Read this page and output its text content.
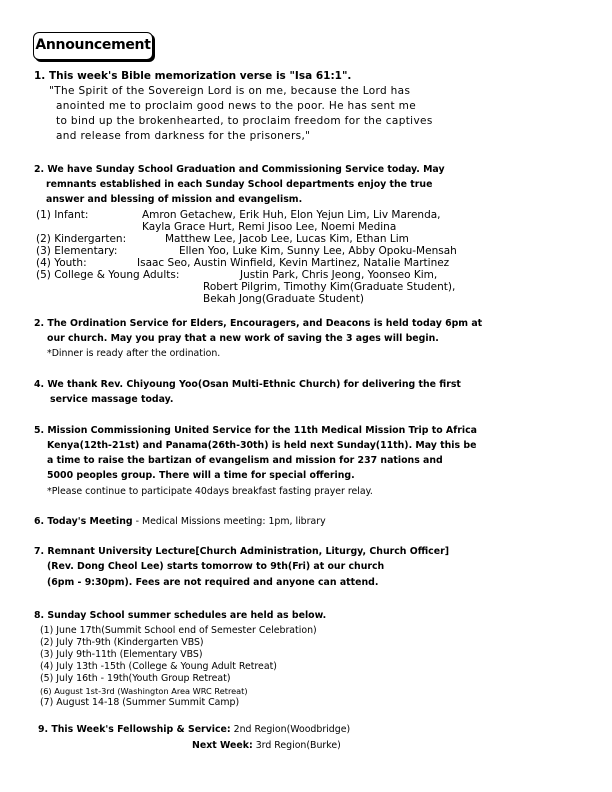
Announcement
1. This week's Bible memorization verse is "Isa 61:1".
"The Spirit of the Sovereign Lord is on me, because the Lord has
anointed me to proclaim good news to the poor. He has sent me
to bind up the brokenhearted, to proclaim freedom for the captives
and release from darkness for the prisoners,"
2. We have Sunday School Graduation and Commissioning Service today. May
remnants established in each Sunday School departments enjoy the true
answer and blessing of mission and evangelism.
(1) Infant:	Amron Getachew, Erik Huh, Elon Yejun Lim, Liv Marenda,
Kayla Grace Hurt, Remi Jisoo Lee, Noemi Medina
(2) Kindergarten:	Matthew Lee, Jacob Lee, Lucas Kim, Ethan Lim
(3) Elementary:	Ellen Yoo, Luke Kim, Sunny Lee, Abby Opoku-Mensah
(4) Youth:	Isaac Seo, Austin Winfield, Kevin Martinez, Natalie Martinez
(5) College & Young Adults:	Justin Park, Chris Jeong, Yoonseo Kim,
Robert Pilgrim, Timothy Kim(Graduate Student),
Bekah Jong(Graduate Student)
2. The Ordination Service for Elders, Encouragers, and Deacons is held today 6pm at
our church. May you pray that a new work of saving the 3 ages will begin.
*Dinner is ready after the ordination.
4. We thank Rev. Chiyoung Yoo(Osan Multi-Ethnic Church) for delivering the first
service massage today.
5. Mission Commissioning United Service for the 11th Medical Mission Trip to Africa
Kenya(12th-21st) and Panama(26th-30th) is held next Sunday(11th). May this be
a time to raise the bartizan of evangelism and mission for 237 nations and
5000 peoples group. There will a time for special offering.
*Please continue to participate 40days breakfast fasting prayer relay.
6. Today's Meeting - Medical Missions meeting: 1pm, library
7. Remnant University Lecture[Church Administration, Liturgy, Church Officer]
(Rev. Dong Cheol Lee) starts tomorrow to 9th(Fri) at our church
(6pm - 9:30pm). Fees are not required and anyone can attend.
8. Sunday School summer schedules are held as below.
(1) June 17th(Summit School end of Semester Celebration)
(2) July 7th-9th (Kindergarten VBS)
(3) July 9th-11th (Elementary VBS)
(4) July 13th -15th (College & Young Adult Retreat)
(5) July 16th - 19th(Youth Group Retreat)
(6) August 1st-3rd (Washington Area WRC Retreat)
(7) August 14-18 (Summer Summit Camp)
9. This Week's Fellowship & Service: 2nd Region(Woodbridge)
Next Week: 3rd Region(Burke)
